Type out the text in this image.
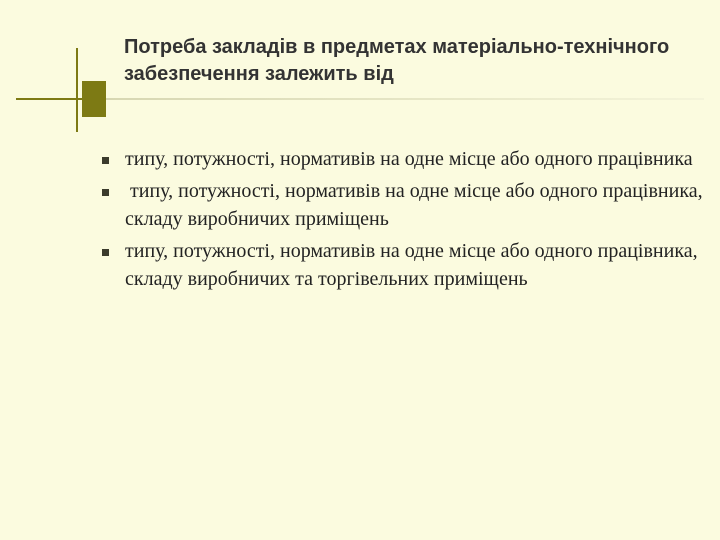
Потреба закладів в предметах матеріально-технічного забезпечення залежить від
типу, потужності, нормативів на одне місце або одного працівника
типу, потужності, нормативів на одне місце або одного працівника, складу виробничих приміщень
типу, потужності, нормативів на одне місце або одного працівника, складу виробничих та торгівельних приміщень
